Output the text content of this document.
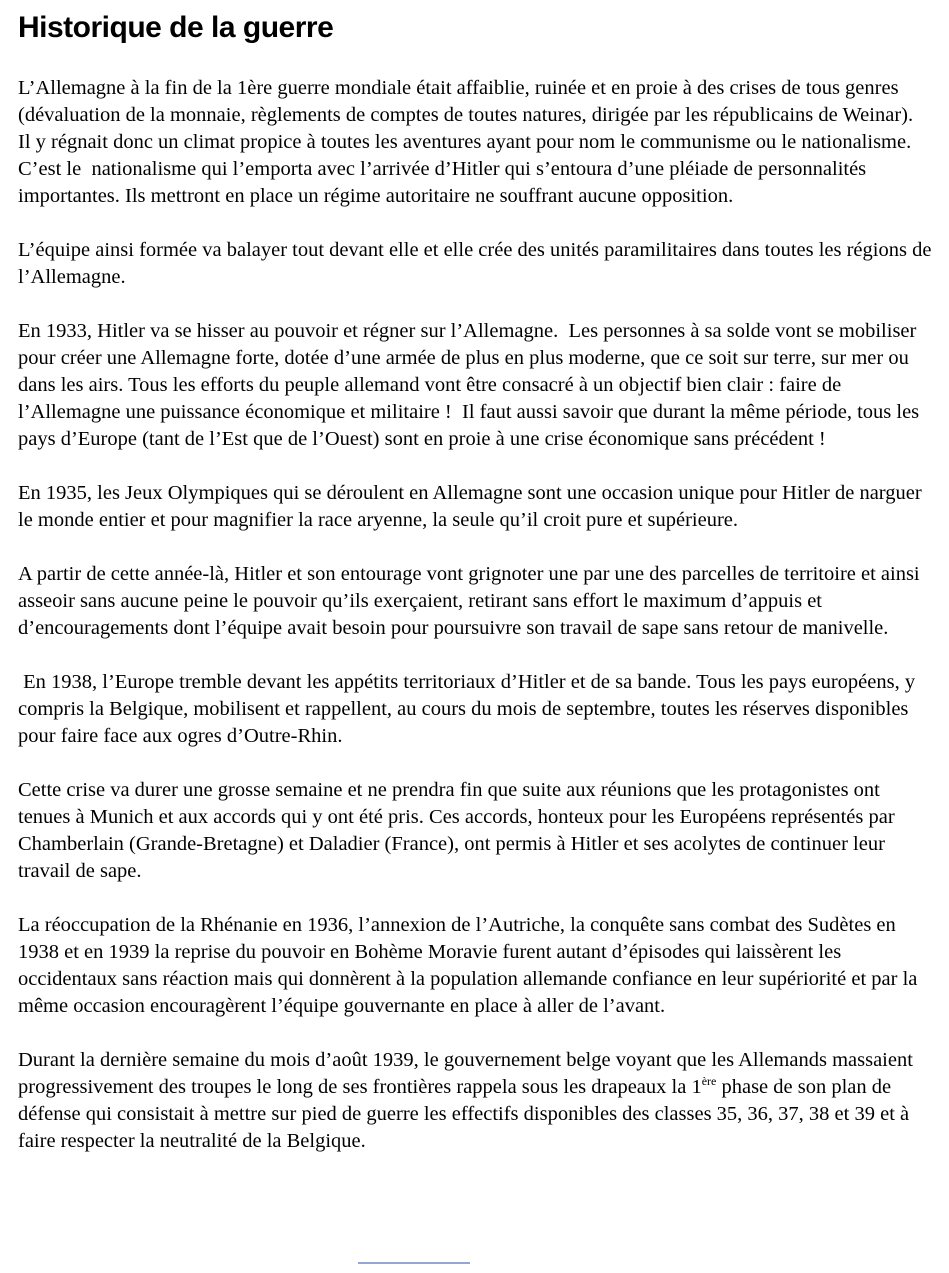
Historique de la guerre

L’Allemagne à la fin de la 1ère guerre mondiale était affaiblie, ruinée et en proie à des crises de tous genres (dévaluation de la monnaie, règlements de comptes de toutes natures, dirigée par les républicains de Weinar).

Il y régnait donc un climat propice à toutes les aventures ayant pour nom le communisme ou le nationalisme. C’est le  nationalisme qui l’emporta avec l’arrivée d’Hitler qui s’entoura d’une pléiade de personnalités importantes. Ils mettront en place un régime autoritaire ne souffrant aucune opposition.

L’équipe ainsi formée va balayer tout devant elle et elle crée des unités paramilitaires dans toutes les régions de l’Allemagne.

En 1933, Hitler va se hisser au pouvoir et régner sur l’Allemagne.  Les personnes à sa solde vont se mobiliser pour créer une Allemagne forte, dotée d’une armée de plus en plus moderne, que ce soit sur terre, sur mer ou dans les airs. Tous les efforts du peuple allemand vont être consacré à un objectif bien clair : faire de l’Allemagne une puissance économique et militaire !  Il faut aussi savoir que durant la même période, tous les pays d’Europe (tant de l’Est que de l’Ouest) sont en proie à une crise économique sans précédent !

En 1935, les Jeux Olympiques qui se déroulent en Allemagne sont une occasion unique pour Hitler de narguer le monde entier et pour magnifier la race aryenne, la seule qu’il croit pure et supérieure.

A partir de cette année-là, Hitler et son entourage vont grignoter une par une des parcelles de territoire et ainsi asseoir sans aucune peine le pouvoir qu’ils exerçaient, retirant sans effort le maximum d’appuis et d’encouragements dont l’équipe avait besoin pour poursuivre son travail de sape sans retour de manivelle.

En 1938, l’Europe tremble devant les appétits territoriaux d’Hitler et de sa bande. Tous les pays européens, y compris la Belgique, mobilisent et rappellent, au cours du mois de septembre, toutes les réserves disponibles pour faire face aux ogres d’Outre-Rhin.

Cette crise va durer une grosse semaine et ne prendra fin que suite aux réunions que les protagonistes ont tenues à Munich et aux accords qui y ont été pris. Ces accords, honteux pour les Européens représentés par Chamberlain (Grande-Bretagne) et Daladier (France), ont permis à Hitler et ses acolytes de continuer leur travail de sape.

La réoccupation de la Rhénanie en 1936, l’annexion de l’Autriche, la conquête sans combat des Sudètes en 1938 et en 1939 la reprise du pouvoir en Bohème Moravie furent autant d’épisodes qui laissèrent les occidentaux sans réaction mais qui donnèrent à la population allemande confiance en leur supériorité et par la même occasion encouragèrent l’équipe gouvernante en place à aller de l’avant.

Durant la dernière semaine du mois d’août 1939, le gouvernement belge voyant que les Allemands massaient progressivement des troupes le long de ses frontières rappela sous les drapeaux la 1ère phase de son plan de défense qui consistait à mettre sur pied de guerre les effectifs disponibles des classes 35, 36, 37, 38 et 39 et à faire respecter la neutralité de la Belgique.
